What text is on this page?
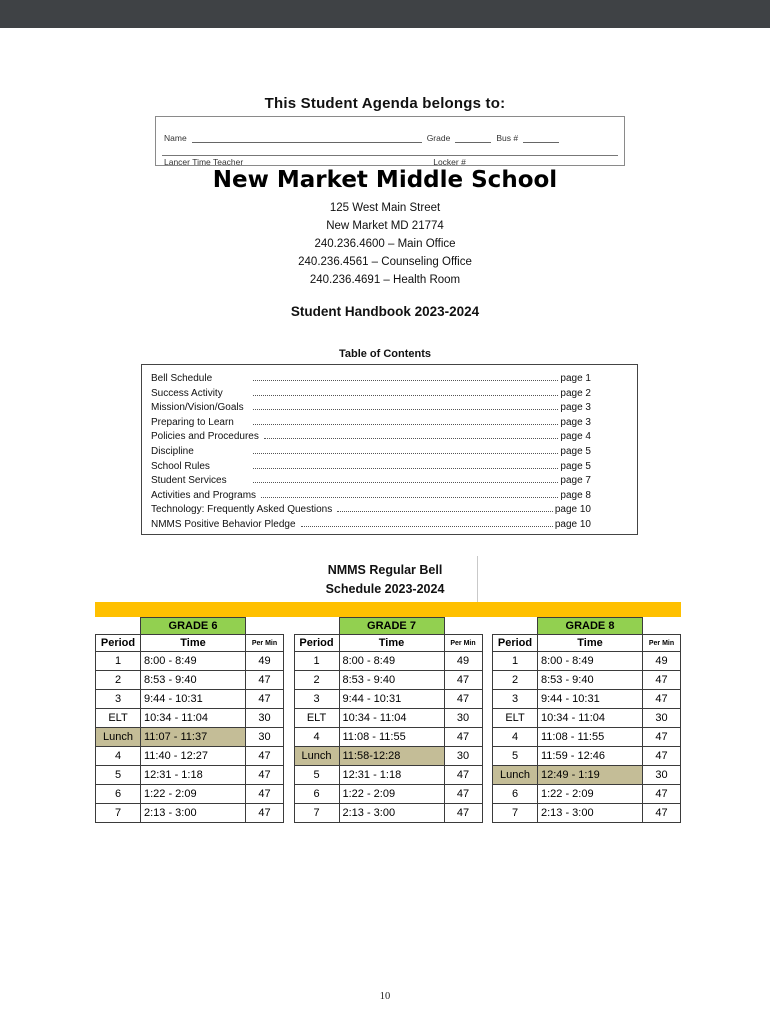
This Student Agenda belongs to:
Name	Grade	Bus #
Lancer Time Teacher	Locker #
New Market Middle School
125 West Main Street
New Market MD 21774
240.236.4600 – Main Office
240.236.4561 – Counseling Office
240.236.4691 – Health Room
Student Handbook 2023-2024
Table of Contents
Bell Schedule	page 1
Success Activity	page 2
Mission/Vision/Goals	page 3
Preparing to Learn	page 3
Policies and Procedures	page 4
Discipline	page 5
School Rules	page 5
Student Services	page 7
Activities and Programs	page 8
Technology: Frequently Asked Questions	page 10
NMMS Positive Behavior Pledge	page 10
NMMS Regular Bell
Schedule 2023-2024
	GRADE 6	
Period	Time	Per Min
1	8:00 - 8:49	49
2	8:53 - 9:40	47
3	9:44 - 10:31	47
ELT	10:34 - 11:04	30
Lunch	11:07 - 11:37	30
4	11:40 - 12:27	47
5	12:31 - 1:18	47
6	1:22 - 2:09	47
7	2:13 - 3:00	47
	GRADE 7	
Period	Time	Per Min
1	8:00 - 8:49	49
2	8:53 - 9:40	47
3	9:44 - 10:31	47
ELT	10:34 - 11:04	30
4	11:08 - 11:55	47
Lunch	11:58-12:28	30
5	12:31 - 1:18	47
6	1:22 - 2:09	47
7	2:13 - 3:00	47
	GRADE 8	
Period	Time	Per Min
1	8:00 - 8:49	49
2	8:53 - 9:40	47
3	9:44 - 10:31	47
ELT	10:34 - 11:04	30
4	11:08 - 11:55	47
5	11:59 - 12:46	47
Lunch	12:49 - 1:19	30
6	1:22 - 2:09	47
7	2:13 - 3:00	47
10
